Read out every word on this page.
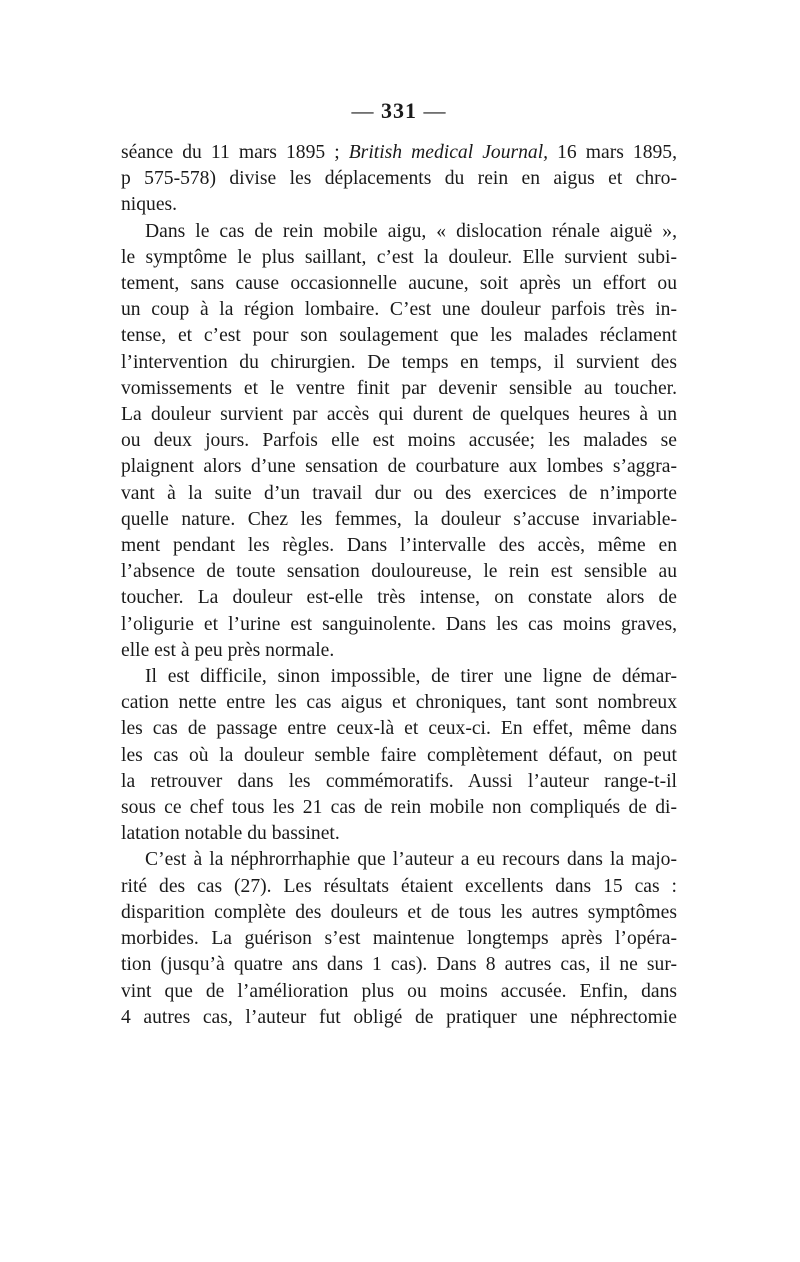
— 331 —
séance du 11 mars 1895 ; British medical Journal, 16 mars 1895,
p 575-578) divise les déplacements du rein en aigus et chro-
niques.
Dans le cas de rein mobile aigu, « dislocation rénale aiguë »,
le symptôme le plus saillant, c’est la douleur. Elle survient subi-
tement, sans cause occasionnelle aucune, soit après un effort ou
un coup à la région lombaire. C’est une douleur parfois très in-
tense, et c’est pour son soulagement que les malades réclament
l’intervention du chirurgien. De temps en temps, il survient des
vomissements et le ventre finit par devenir sensible au toucher.
La douleur survient par accès qui durent de quelques heures à un
ou deux jours. Parfois elle est moins accusée; les malades se
plaignent alors d’une sensation de courbature aux lombes s’aggra-
vant à la suite d’un travail dur ou des exercices de n’importe
quelle nature. Chez les femmes, la douleur s’accuse invariable-
ment pendant les règles. Dans l’intervalle des accès, même en
l’absence de toute sensation douloureuse, le rein est sensible au
toucher. La douleur est-elle très intense, on constate alors de
l’oligurie et l’urine est sanguinolente. Dans les cas moins graves,
elle est à peu près normale.
Il est difficile, sinon impossible, de tirer une ligne de démar-
cation nette entre les cas aigus et chroniques, tant sont nombreux
les cas de passage entre ceux-là et ceux-ci. En effet, même dans
les cas où la douleur semble faire complètement défaut, on peut
la retrouver dans les commémoratifs. Aussi l’auteur range-t-il
sous ce chef tous les 21 cas de rein mobile non compliqués de di-
latation notable du bassinet.
C’est à la néphrorrhaphie que l’auteur a eu recours dans la majo-
rité des cas (27). Les résultats étaient excellents dans 15 cas :
disparition complète des douleurs et de tous les autres symptômes
morbides. La guérison s’est maintenue longtemps après l’opéra-
tion (jusqu’à quatre ans dans 1 cas). Dans 8 autres cas, il ne sur-
vint que de l’amélioration plus ou moins accusée. Enfin, dans
4 autres cas, l’auteur fut obligé de pratiquer une néphrectomie
